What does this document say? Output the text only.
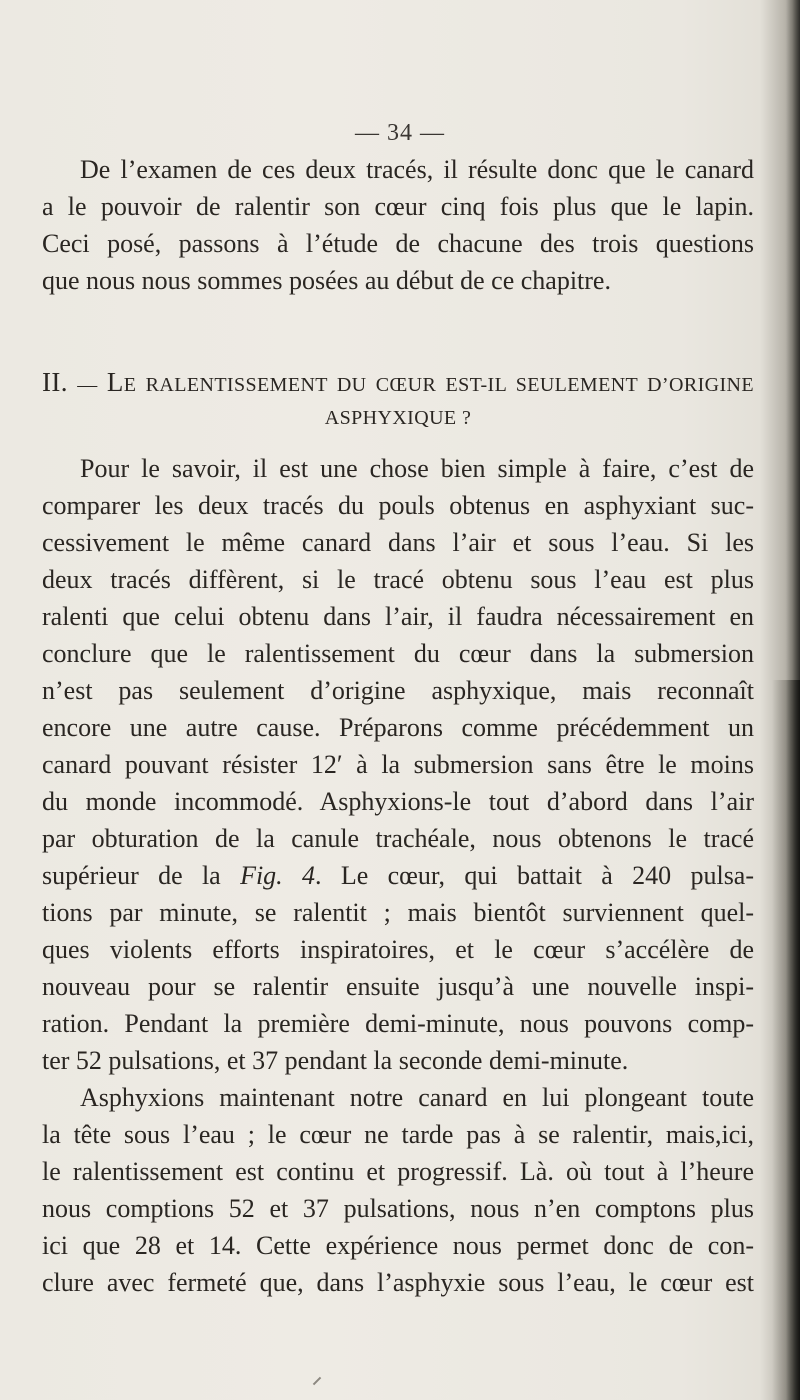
— 34 —
De l’examen de ces deux tracés, il résulte donc que le canard
a le pouvoir de ralentir son cœur cinq fois plus que le lapin.
Ceci posé, passons à l’étude de chacune des trois questions
que nous nous sommes posées au début de ce chapitre.
II. — LE RALENTISSEMENT DU CŒUR EST-IL SEULEMENT D’ORIGINE
ASPHYXIQUE ?
Pour le savoir, il est une chose bien simple à faire, c’est de
comparer les deux tracés du pouls obtenus en asphyxiant suc-
cessivement le même canard dans l’air et sous l’eau. Si les
deux tracés diffèrent, si le tracé obtenu sous l’eau est plus
ralenti que celui obtenu dans l’air, il faudra nécessairement en
conclure que le ralentissement du cœur dans la submersion
n’est pas seulement d’origine asphyxique, mais reconnaît
encore une autre cause. Préparons comme précédemment un
canard pouvant résister 12′ à la submersion sans être le moins
du monde incommodé. Asphyxions-le tout d’abord dans l’air
par obturation de la canule trachéale, nous obtenons le tracé
supérieur de la Fig. 4. Le cœur, qui battait à 240 pulsa-
tions par minute, se ralentit ; mais bientôt surviennent quel-
ques violents efforts inspiratoires, et le cœur s’accélère de
nouveau pour se ralentir ensuite jusqu’à une nouvelle inspi-
ration. Pendant la première demi-minute, nous pouvons comp-
ter 52 pulsations, et 37 pendant la seconde demi-minute.
Asphyxions maintenant notre canard en lui plongeant toute
la tête sous l’eau ; le cœur ne tarde pas à se ralentir, mais,ici,
le ralentissement est continu et progressif. Là. où tout à l’heure
nous comptions 52 et 37 pulsations, nous n’en comptons plus
ici que 28 et 14. Cette expérience nous permet donc de con-
clure avec fermeté que, dans l’asphyxie sous l’eau, le cœur est
